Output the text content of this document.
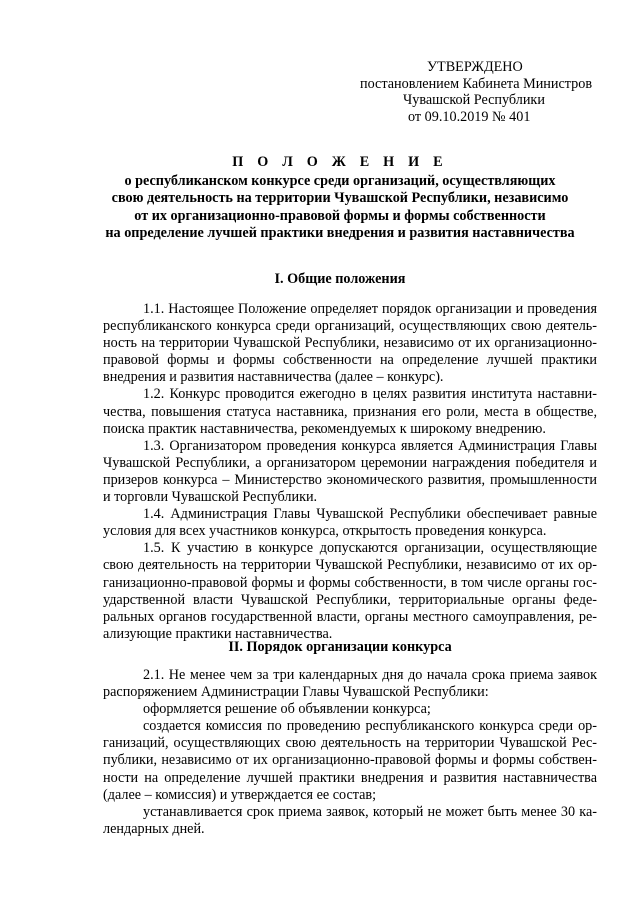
УТВЕРЖДЕНО
постановлением Кабинета Министров
Чувашской Республики
от 09.10.2019 № 401
П О Л О Ж Е Н И Е
о республиканском конкурсе среди организаций, осуществляющих
свою деятельность на территории Чувашской Республики, независимо
от их организационно-правовой формы и формы собственности
на определение лучшей практики внедрения и развития наставничества
I. Общие положения

1.1. Настоящее Положение определяет порядок организации и проведения республиканского конкурса среди организаций, осуществляющих свою деятельность на территории Чувашской Республики, независимо от их организационно-правовой формы и формы собственности на определение лучшей практики внедрения и развития наставничества (далее – конкурс).

1.2. Конкурс проводится ежегодно в целях развития института наставничества, повышения статуса наставника, признания его роли, места в обществе, поиска практик наставничества, рекомендуемых к широкому внедрению.

1.3. Организатором проведения конкурса является Администрация Главы Чувашской Республики, а организатором церемонии награждения победителя и призеров конкурса – Министерство экономического развития, промышленности и торговли Чувашской Республики.

1.4. Администрация Главы Чувашской Республики обеспечивает равные условия для всех участников конкурса, открытость проведения конкурса.

1.5. К участию в конкурсе допускаются организации, осуществляющие свою деятельность на территории Чувашской Республики, независимо от их организационно-правовой формы и формы собственности, в том числе органы государственной власти Чувашской Республики, территориальные органы федеральных органов государственной власти, органы местного самоуправления, реализующие практики наставничества.

II. Порядок организации конкурса

2.1. Не менее чем за три календарных дня до начала срока приема заявок распоряжением Администрации Главы Чувашской Республики:

оформляется решение об объявлении конкурса;

создается комиссия по проведению республиканского конкурса среди организаций, осуществляющих свою деятельность на территории Чувашской Республики, независимо от их организационно-правовой формы и формы собственности на определение лучшей практики внедрения и развития наставничества (далее – комиссия) и утверждается ее состав;

устанавливается срок приема заявок, который не может быть менее 30 календарных дней.
